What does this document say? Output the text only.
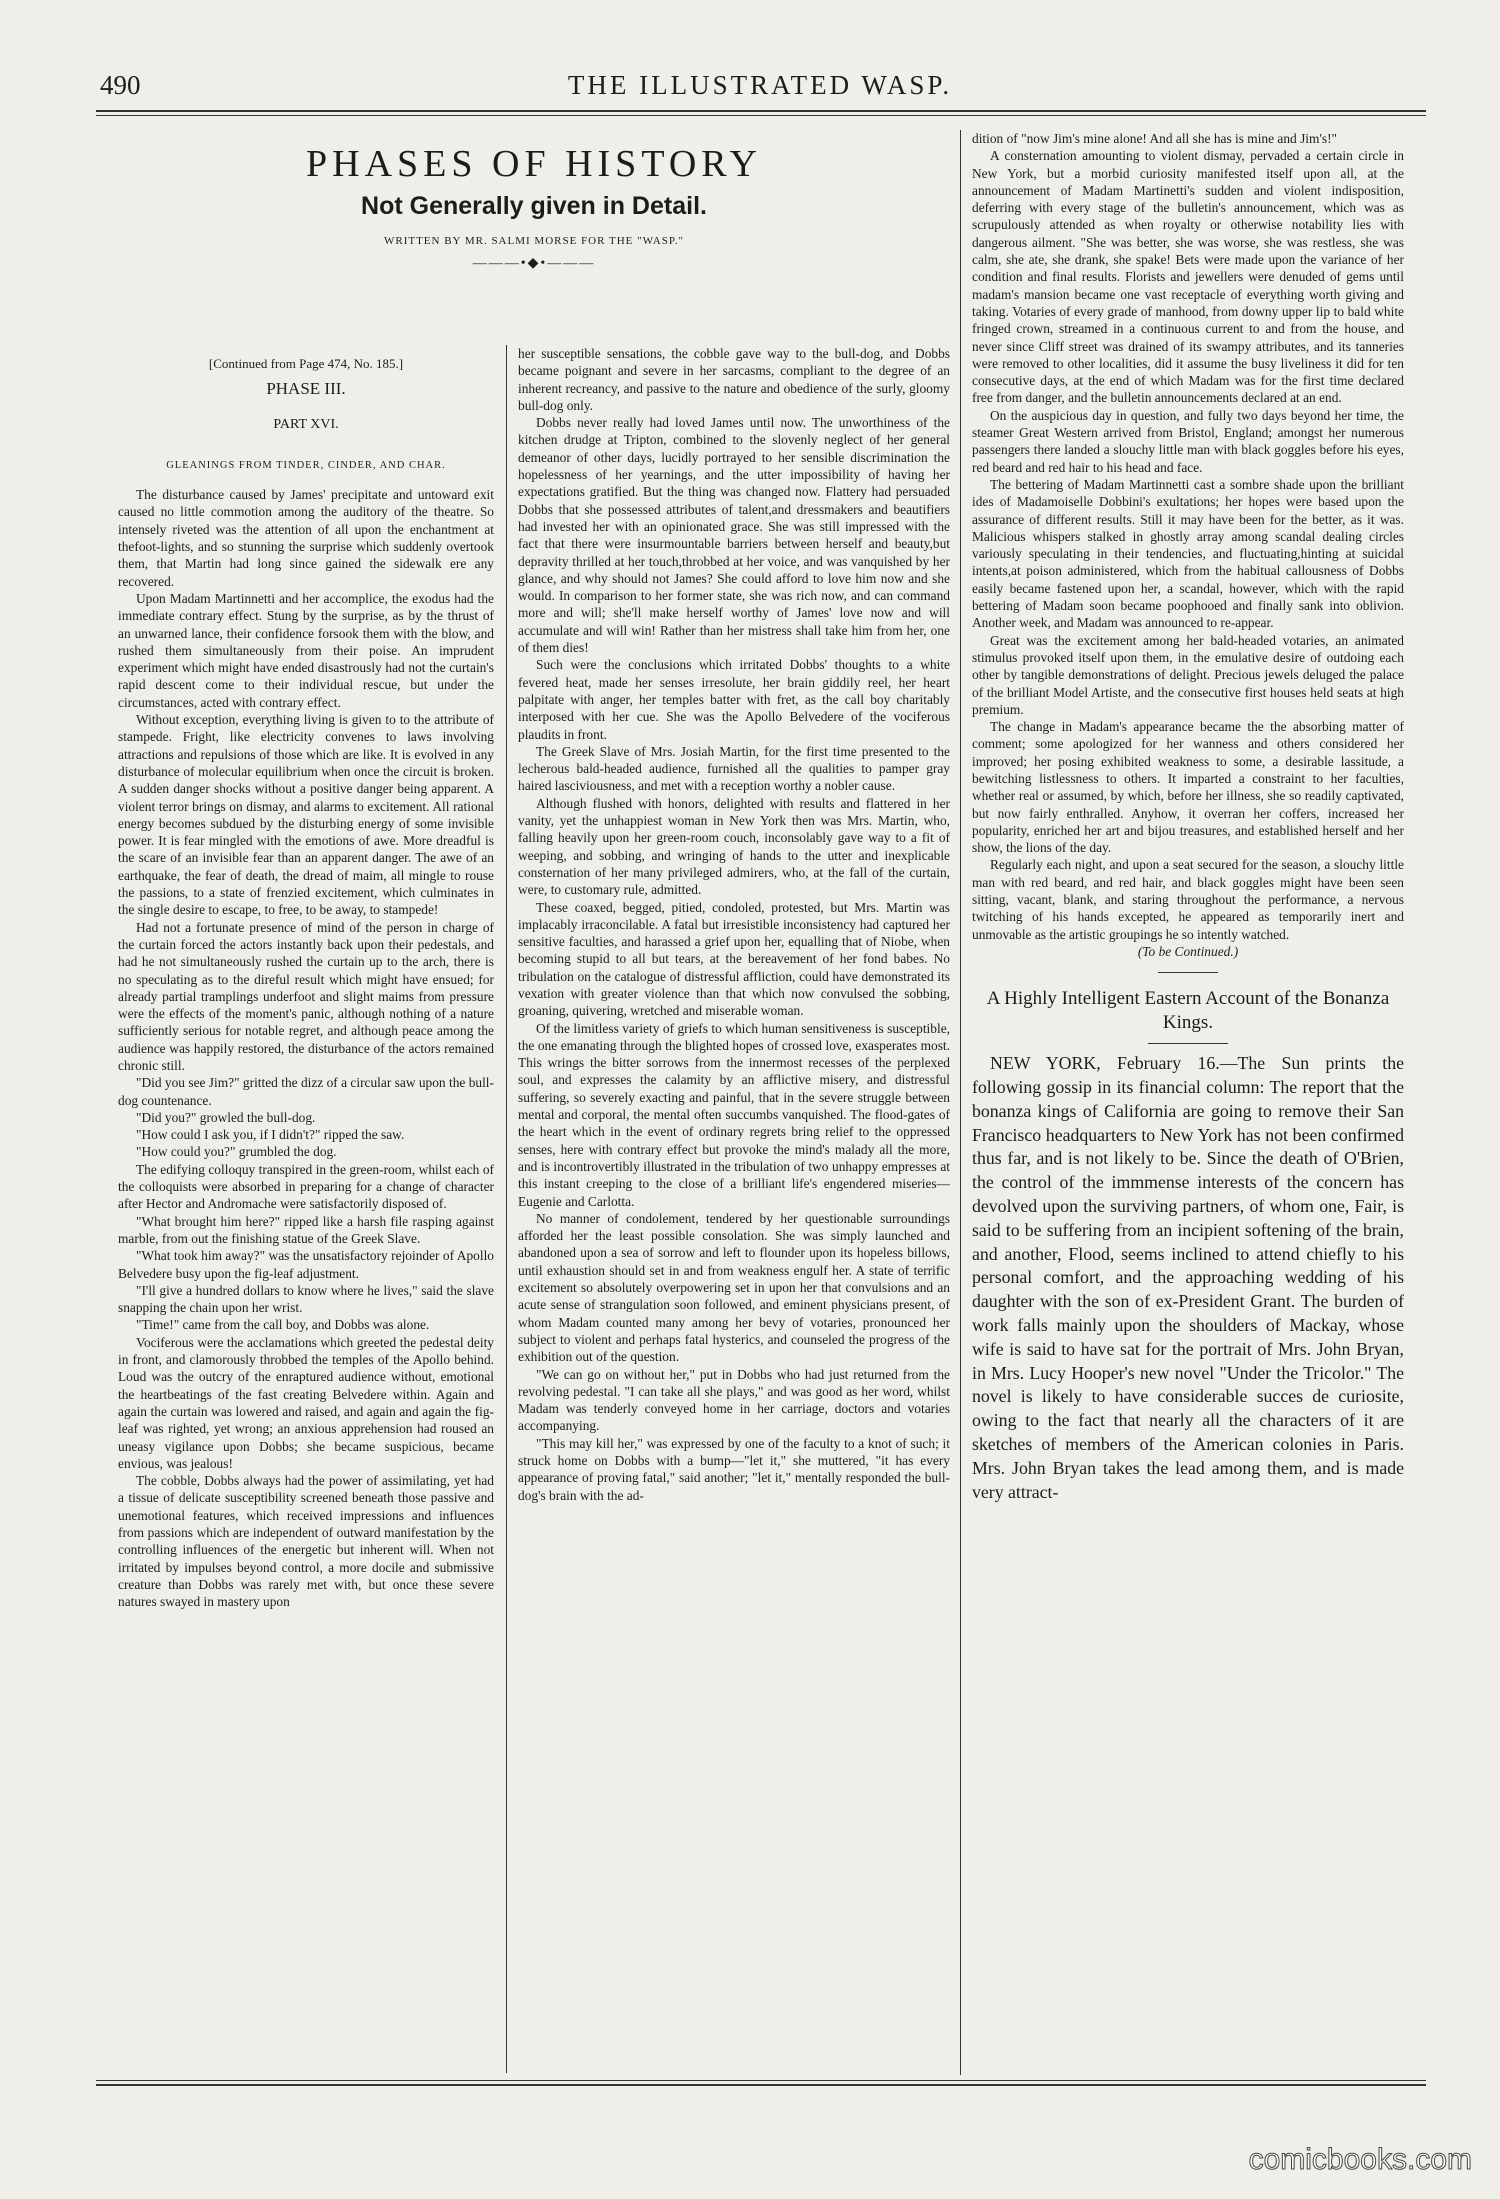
490	THE ILLUSTRATED WASP.
PHASES OF HISTORY
Not Generally given in Detail.
WRITTEN BY MR. SALMI MORSE FOR THE "WASP."
———•◆•———
[Continued from Page 474, No. 185.]
PHASE III.
PART XVI.
GLEANINGS FROM TINDER, CINDER, AND CHAR.

The disturbance caused by James' precipitate and untoward exit caused no little commotion among the auditory of the theatre. So intensely riveted was the attention of all upon the enchantment at thefoot-lights, and so stunning the surprise which suddenly overtook them, that Martin had long since gained the sidewalk ere any recovered.

Upon Madam Martinnetti and her accomplice, the exodus had the immediate contrary effect. Stung by the surprise, as by the thrust of an unwarned lance, their confidence forsook them with the blow, and rushed them simultaneously from their poise. An imprudent experiment which might have ended disastrously had not the curtain's rapid descent come to their individual rescue, but under the circumstances, acted with contrary effect.

Without exception, everything living is given to to the attribute of stampede. Fright, like electricity convenes to laws involving attractions and repulsions of those which are like. It is evolved in any disturbance of molecular equilibrium when once the circuit is broken. A sudden danger shocks without a positive danger being apparent. A violent terror brings on dismay, and alarms to excitement. All rational energy becomes subdued by the disturbing energy of some invisible power. It is fear mingled with the emotions of awe. More dreadful is the scare of an invisible fear than an apparent danger. The awe of an earthquake, the fear of death, the dread of maim, all mingle to rouse the passions, to a state of frenzied excitement, which culminates in the single desire to escape, to free, to be away, to stampede!

Had not a fortunate presence of mind of the person in charge of the curtain forced the actors instantly back upon their pedestals, and had he not simultaneously rushed the curtain up to the arch, there is no speculating as to the direful result which might have ensued; for already partial tramplings underfoot and slight maims from pressure were the effects of the moment's panic, although nothing of a nature sufficiently serious for notable regret, and although peace among the audience was happily restored, the disturbance of the actors remained chronic still.

"Did you see Jim?" gritted the dizz of a circular saw upon the bull-dog countenance.

"Did you?" growled the bull-dog.

"How could I ask you, if I didn't?" ripped the saw.

"How could you?" grumbled the dog.

The edifying colloquy transpired in the green-room, whilst each of the colloquists were absorbed in preparing for a change of character after Hector and Andromache were satisfactorily disposed of.

"What brought him here?" ripped like a harsh file rasping against marble, from out the finishing statue of the Greek Slave.

"What took him away?" was the unsatisfactory rejoinder of Apollo Belvedere busy upon the fig-leaf adjustment.

"I'll give a hundred dollars to know where he lives," said the slave snapping the chain upon her wrist.

"Time!" came from the call boy, and Dobbs was alone.

Vociferous were the acclamations which greeted the pedestal deity in front, and clamorously throbbed the temples of the Apollo behind. Loud was the outcry of the enraptured audience without, emotional the heartbeatings of the fast creating Belvedere within. Again and again the curtain was lowered and raised, and again and again the fig-leaf was righted, yet wrong; an anxious apprehension had roused an uneasy vigilance upon Dobbs; she became suspicious, became envious, was jealous!

The cobble, Dobbs always had the power of assimilating, yet had a tissue of delicate susceptibility screened beneath those passive and unemotional features, which received impressions and influences from passions which are independent of outward manifestation by the controlling influences of the energetic but inherent will. When not irritated by impulses beyond control, a more docile and submissive creature than Dobbs was rarely met with, but once these severe natures swayed in mastery upon

her susceptible sensations, the cobble gave way to the bull-dog, and Dobbs became poignant and severe in her sarcasms, compliant to the degree of an inherent recreancy, and passive to the nature and obedience of the surly, gloomy bull-dog only.

Dobbs never really had loved James until now. The unworthiness of the kitchen drudge at Tripton, combined to the slovenly neglect of her general demeanor of other days, lucidly portrayed to her sensible discrimination the hopelessness of her yearnings, and the utter impossibility of having her expectations gratified. But the thing was changed now. Flattery had persuaded Dobbs that she possessed attributes of talent,and dressmakers and beautifiers had invested her with an opinionated grace. She was still impressed with the fact that there were insurmountable barriers between herself and beauty,but depravity thrilled at her touch,throbbed at her voice, and was vanquished by her glance, and why should not James? She could afford to love him now and she would. In comparison to her former state, she was rich now, and can command more and will; she'll make herself worthy of James' love now and will accumulate and will win! Rather than her mistress shall take him from her, one of them dies!

Such were the conclusions which irritated Dobbs' thoughts to a white fevered heat, made her senses irresolute, her brain giddily reel, her heart palpitate with anger, her temples batter with fret, as the call boy charitably interposed with her cue. She was the Apollo Belvedere of the vociferous plaudits in front.

The Greek Slave of Mrs. Josiah Martin, for the first time presented to the lecherous bald-headed audience, furnished all the qualities to pamper gray haired lasciviousness, and met with a reception worthy a nobler cause.

Although flushed with honors, delighted with results and flattered in her vanity, yet the unhappiest woman in New York then was Mrs. Martin, who, falling heavily upon her green-room couch, inconsolably gave way to a fit of weeping, and sobbing, and wringing of hands to the utter and inexplicable consternation of her many privileged admirers, who, at the fall of the curtain, were, to customary rule, admitted.

These coaxed, begged, pitied, condoled, protested, but Mrs. Martin was implacably irraconcilable. A fatal but irresistible inconsistency had captured her sensitive faculties, and harassed a grief upon her, equalling that of Niobe, when becoming stupid to all but tears, at the bereavement of her fond babes. No tribulation on the catalogue of distressful affliction, could have demonstrated its vexation with greater violence than that which now convulsed the sobbing, groaning, quivering, wretched and miserable woman.

Of the limitless variety of griefs to which human sensitiveness is susceptible, the one emanating through the blighted hopes of crossed love, exasperates most. This wrings the bitter sorrows from the innermost recesses of the perplexed soul, and expresses the calamity by an afflictive misery, and distressful suffering, so severely exacting and painful, that in the severe struggle between mental and corporal, the mental often succumbs vanquished. The flood-gates of the heart which in the event of ordinary regrets bring relief to the oppressed senses, here with contrary effect but provoke the mind's malady all the more, and is incontrovertibly illustrated in the tribulation of two unhappy empresses at this instant creeping to the close of a brilliant life's engendered miseries—Eugenie and Carlotta.

No manner of condolement, tendered by her questionable surroundings afforded her the least possible consolation. She was simply launched and abandoned upon a sea of sorrow and left to flounder upon its hopeless billows, until exhaustion should set in and from weakness engulf her. A state of terrific excitement so absolutely overpowering set in upon her that convulsions and an acute sense of strangulation soon followed, and eminent physicians present, of whom Madam counted many among her bevy of votaries, pronounced her subject to violent and perhaps fatal hysterics, and counseled the progress of the exhibition out of the question.

"We can go on without her," put in Dobbs who had just returned from the revolving pedestal. "I can take all she plays," and was good as her word, whilst Madam was tenderly conveyed home in her carriage, doctors and votaries accompanying.

"This may kill her," was expressed by one of the faculty to a knot of such; it struck home on Dobbs with a bump—"let it," she muttered, "it has every appearance of proving fatal," said another; "let it," mentally responded the bull-dog's brain with the ad-

dition of "now Jim's mine alone! And all she has is mine and Jim's!"

A consternation amounting to violent dismay, pervaded a certain circle in New York, but a morbid curiosity manifested itself upon all, at the announcement of Madam Martinetti's sudden and violent indisposition, deferring with every stage of the bulletin's announcement, which was as scrupulously attended as when royalty or otherwise notability lies with dangerous ailment. "She was better, she was worse, she was restless, she was calm, she ate, she drank, she spake! Bets were made upon the variance of her condition and final results. Florists and jewellers were denuded of gems until madam's mansion became one vast receptacle of everything worth giving and taking. Votaries of every grade of manhood, from downy upper lip to bald white fringed crown, streamed in a continuous current to and from the house, and never since Cliff street was drained of its swampy attributes, and its tanneries were removed to other localities, did it assume the busy liveliness it did for ten consecutive days, at the end of which Madam was for the first time declared free from danger, and the bulletin announcements declared at an end.

On the auspicious day in question, and fully two days beyond her time, the steamer Great Western arrived from Bristol, England; amongst her numerous passengers there landed a slouchy little man with black goggles before his eyes, red beard and red hair to his head and face.

The bettering of Madam Martinnetti cast a sombre shade upon the brilliant ides of Madamoiselle Dobbini's exultations; her hopes were based upon the assurance of different results. Still it may have been for the better, as it was. Malicious whispers stalked in ghostly array among scandal dealing circles variously speculating in their tendencies, and fluctuating,hinting at suicidal intents,at poison administered, which from the habitual callousness of Dobbs easily became fastened upon her, a scandal, however, which with the rapid bettering of Madam soon became poophooed and finally sank into oblivion. Another week, and Madam was announced to re-appear.

Great was the excitement among her bald-headed votaries, an animated stimulus provoked itself upon them, in the emulative desire of outdoing each other by tangible demonstrations of delight. Precious jewels deluged the palace of the brilliant Model Artiste, and the consecutive first houses held seats at high premium.

The change in Madam's appearance became the the absorbing matter of comment; some apologized for her wanness and others considered her improved; her posing exhibited weakness to some, a desirable lassitude, a bewitching listlessness to others. It imparted a constraint to her faculties, whether real or assumed, by which, before her illness, she so readily captivated, but now fairly enthralled. Anyhow, it overran her coffers, increased her popularity, enriched her art and bijou treasures, and established herself and her show, the lions of the day.

Regularly each night, and upon a seat secured for the season, a slouchy little man with red beard, and red hair, and black goggles might have been seen sitting, vacant, blank, and staring throughout the performance, a nervous twitching of his hands excepted, he appeared as temporarily inert and unmovable as the artistic groupings he so intently watched.

(To be Continued.)
A Highly Intelligent Eastern Account of the Bonanza Kings.

NEW YORK, February 16.—The Sun prints the following gossip in its financial column: The report that the bonanza kings of California are going to remove their San Francisco headquarters to New York has not been confirmed thus far, and is not likely to be. Since the death of O'Brien, the control of the immmense interests of the concern has devolved upon the surviving partners, of whom one, Fair, is said to be suffering from an incipient softening of the brain, and another, Flood, seems inclined to attend chiefly to his personal comfort, and the approaching wedding of his daughter with the son of ex-President Grant. The burden of work falls mainly upon the shoulders of Mackay, whose wife is said to have sat for the portrait of Mrs. John Bryan, in Mrs. Lucy Hooper's new novel "Under the Tricolor." The novel is likely to have considerable succes de curiosite, owing to the fact that nearly all the characters of it are sketches of members of the American colonies in Paris. Mrs. John Bryan takes the lead among them, and is made very attract-

comicbooks.com
